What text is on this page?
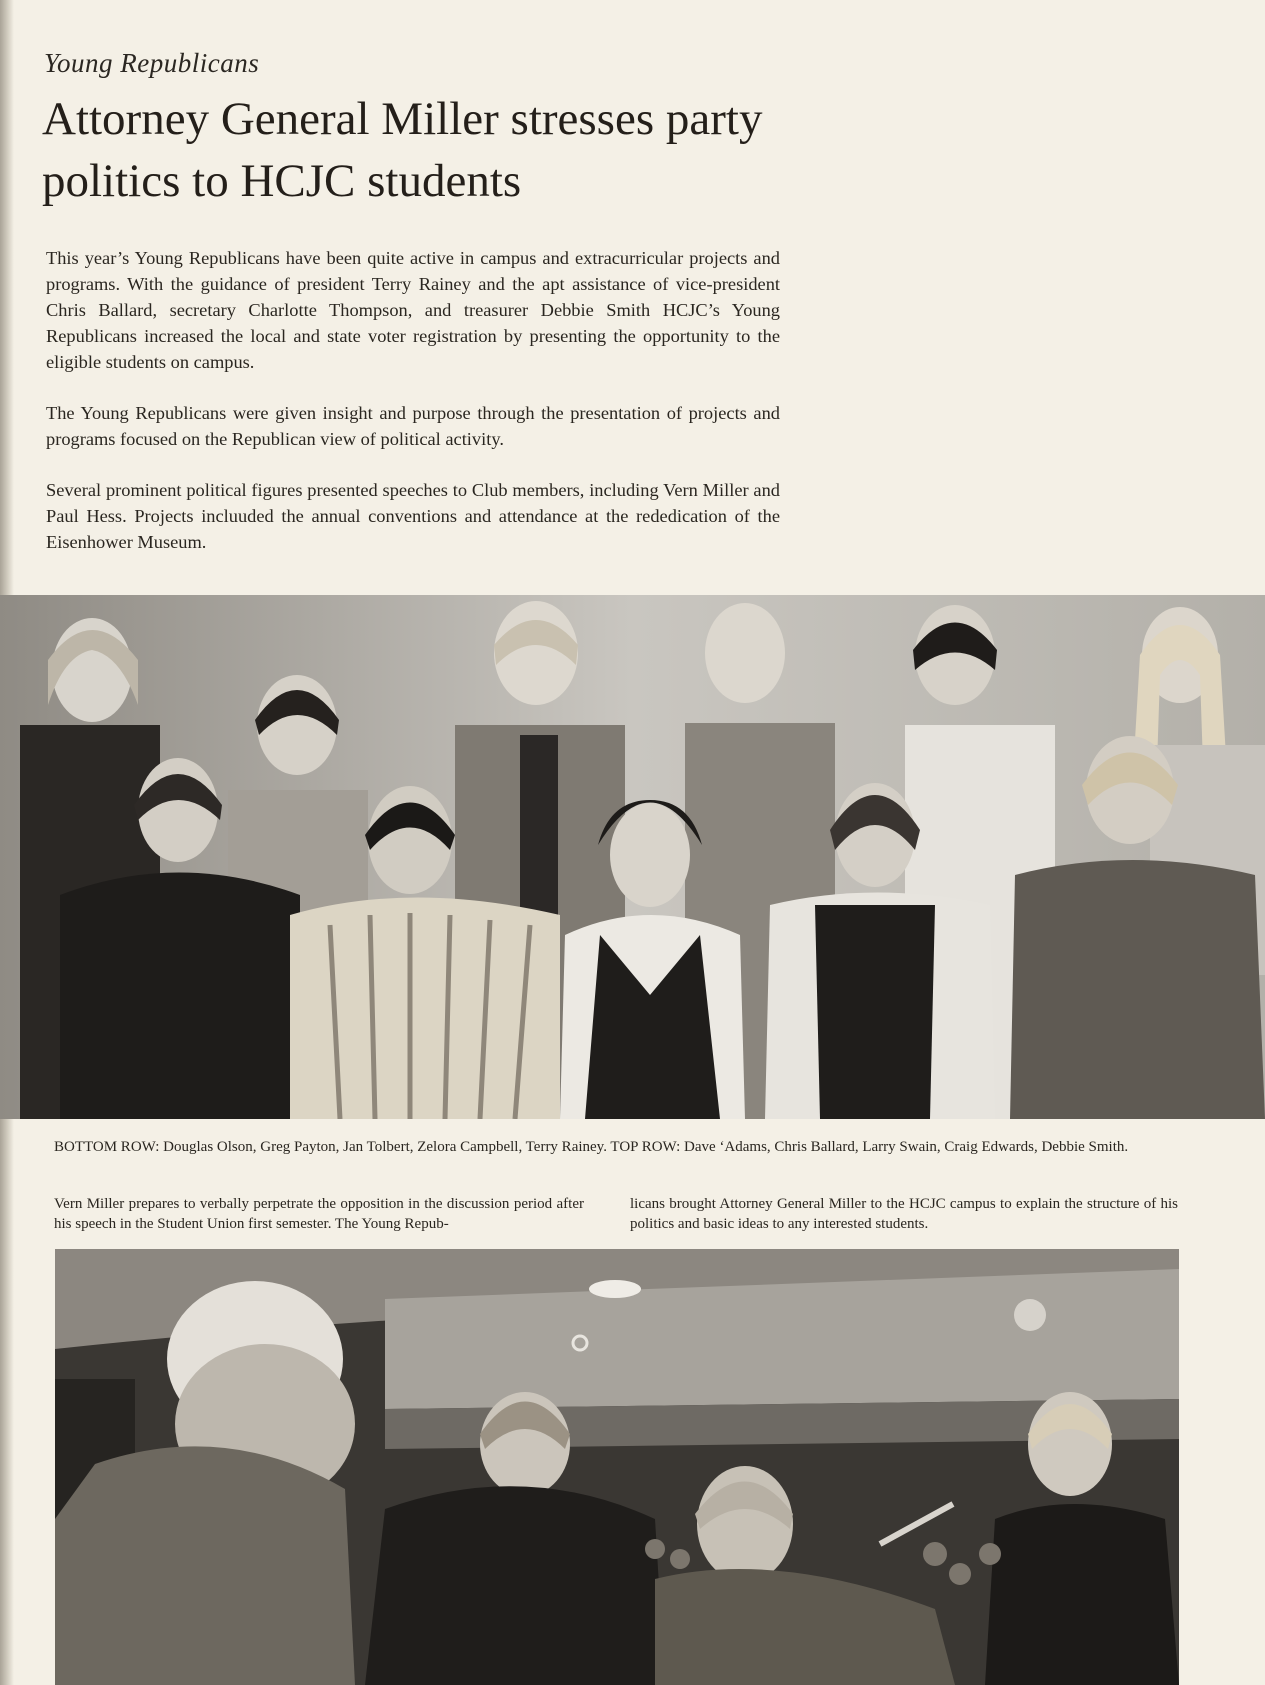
Young Republicans
Attorney General Miller stresses party politics to HCJC students

This year’s Young Republicans have been quite active in campus and extracurricular projects and programs. With the guidance of president Terry Rainey and the apt assistance of vice-president Chris Ballard, secretary Charlotte Thompson, and treasurer Debbie Smith HCJC’s Young Republicans increased the local and state voter registration by presenting the opportunity to the eligible students on campus.

The Young Republicans were given insight and purpose through the presentation of projects and programs focused on the Republican view of political activity.

Several prominent political figures presented speeches to Club members, including Vern Miller and Paul Hess. Projects incluuded the annual conventions and attendance at the rededication of the Eisenhower Museum.

BOTTOM ROW: Douglas Olson, Greg Payton, Jan Tolbert, Zelora Campbell, Terry Rainey. TOP ROW: Dave ‘Adams, Chris Ballard, Larry Swain, Craig Edwards, Debbie Smith.
Vern Miller prepares to verbally perpetrate the opposition in the discussion period after his speech in the Student Union first semester. The Young Repub-
licans brought Attorney General Miller to the HCJC campus to explain the structure of his politics and basic ideas to any interested students.
